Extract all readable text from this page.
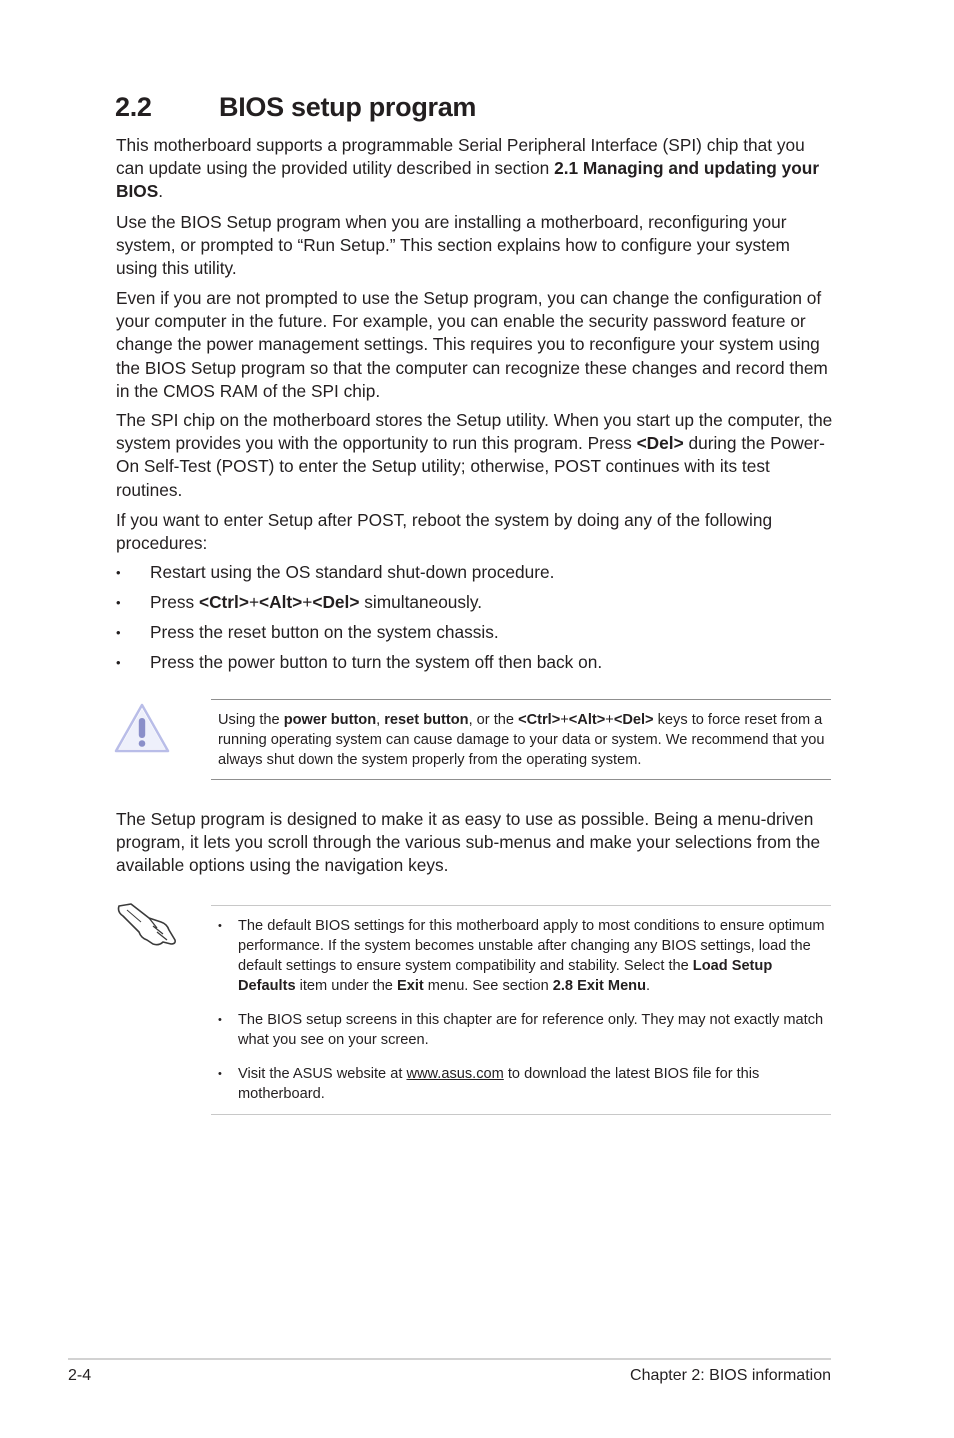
2.2 BIOS setup program

This motherboard supports a programmable Serial Peripheral Interface (SPI) chip that you can update using the provided utility described in section 2.1 Managing and updating your BIOS.

Use the BIOS Setup program when you are installing a motherboard, reconfiguring your system, or prompted to “Run Setup.” This section explains how to configure your system using this utility.

Even if you are not prompted to use the Setup program, you can change the configuration of your computer in the future. For example, you can enable the security password feature or change the power management settings. This requires you to reconfigure your system using the BIOS Setup program so that the computer can recognize these changes and record them in the CMOS RAM of the SPI chip.

The SPI chip on the motherboard stores the Setup utility. When you start up the computer, the system provides you with the opportunity to run this program. Press <Del> during the Power-On Self-Test (POST) to enter the Setup utility; otherwise, POST continues with its test routines.

If you want to enter Setup after POST, reboot the system by doing any of the following procedures:

• Restart using the OS standard shut-down procedure.
• Press <Ctrl>+<Alt>+<Del> simultaneously.
• Press the reset button on the system chassis.
• Press the power button to turn the system off then back on.

Using the power button, reset button, or the <Ctrl>+<Alt>+<Del> keys to force reset from a running operating system can cause damage to your data or system. We recommend that you always shut down the system properly from the operating system.

The Setup program is designed to make it as easy to use as possible. Being a menu-driven program, it lets you scroll through the various sub-menus and make your selections from the available options using the navigation keys.

• The default BIOS settings for this motherboard apply to most conditions to ensure optimum performance. If the system becomes unstable after changing any BIOS settings, load the default settings to ensure system compatibility and stability. Select the Load Setup Defaults item under the Exit menu. See section 2.8 Exit Menu.
• The BIOS setup screens in this chapter are for reference only. They may not exactly match what you see on your screen.
• Visit the ASUS website at www.asus.com to download the latest BIOS file for this motherboard.
2-4	Chapter 2: BIOS information
